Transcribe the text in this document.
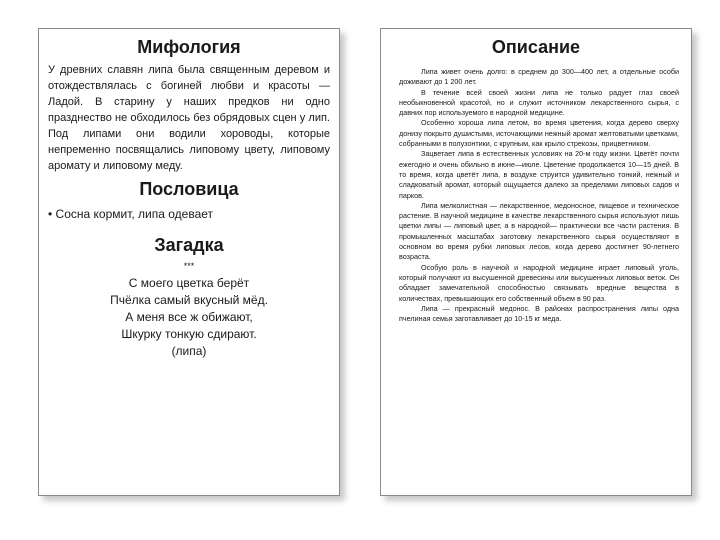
Мифология

У древних славян липа была священным деревом и отождествлялась с богиней любви и красоты — Ладой. В старину у наших предков ни одно празднество не обходилось без обрядовых сцен у лип. Под липами они водили хороводы, которые непременно посвящались липовому цвету, липовому аромату и липовому меду.

Пословица

• Сосна кормит, липа одевает

Загадка

***

С моего цветка берёт
Пчёлка самый вкусный мёд.
А меня все ж обижают,
Шкурку тонкую сдирают.
(липа)
Описание

Липа живет очень долго: в среднем до 300—400 лет, а отдельные особи доживают до 1 200 лет.

В течение всей своей жизни липа не только радует глаз своей необыкновенной красотой, но и служит источником лекарственного сырья, с давних пор используемого в народной медицине.

Особенно хороша липа летом, во время цветения, когда дерево сверху донизу покрыто душистыми, источающими нежный аромат желтоватыми цветками, собранными в полузонтики, с крупным, как крыло стрекозы, прицветником.

Зацветает липа в естественных условиях на 20-м году жизни. Цветёт почти ежегодно и очень обильно в июне—июле. Цветение продолжается 10—15 дней. В то время, когда цветёт липа, в воздухе струится удивительно тонкий, нежный и сладковатый аромат, который ощущается далеко за пределами липовых садов и парков.

Липа мелколистная — лекарственное, медоносное, пищевое и техническое растение. В научной медицине в качестве лекарственного сырья используют лишь цветки липы — липовый цвет, а в народной— практически все части растения. В промышленных масштабах заготовку лекарственного сырья осуществляют в основном во время рубки липовых лесов, когда дерево достигнет 90-летнего возраста.

Особую роль в научной и народной медицине играет липовый уголь, который получают из высушенной древесины или высушенных липовых веток. Он обладает замечательной способностью связывать вредные вещества в количествах, превышающих его собственный объем в 90 раз.

Липа — прекрасный медонос. В районах распространения липы одна пчелиная семья заготавливает до 10-15 кг меда.
